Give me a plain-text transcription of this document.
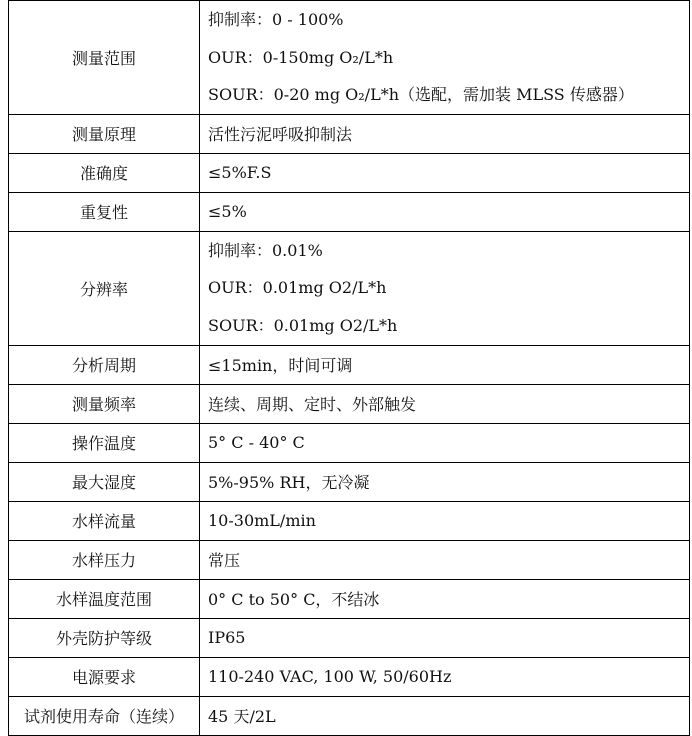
测量范围	抑制率：0 - 100%
OUR：0-150mg O₂/L*h
SOUR：0-20 mg O₂/L*h（选配，需加装 MLSS 传感器）

测量原理	活性污泥呼吸抑制法
准确度	≤5%F.S
重复性	≤5%
分辨率	抑制率：0.01%
OUR：0.01mg O2/L*h
SOUR：0.01mg O2/L*h

分析周期	≤15min，时间可调
测量频率	连续、周期、定时、外部触发
操作温度	5° C - 40° C
最大湿度	5%-95% RH，无冷凝
水样流量	10-30mL/min
水样压力	常压
水样温度范围	0° C to 50° C，不结冰
外壳防护等级	IP65
电源要求	110-240 VAC, 100 W, 50/60Hz
试剂使用寿命（连续）	45 天/2L
